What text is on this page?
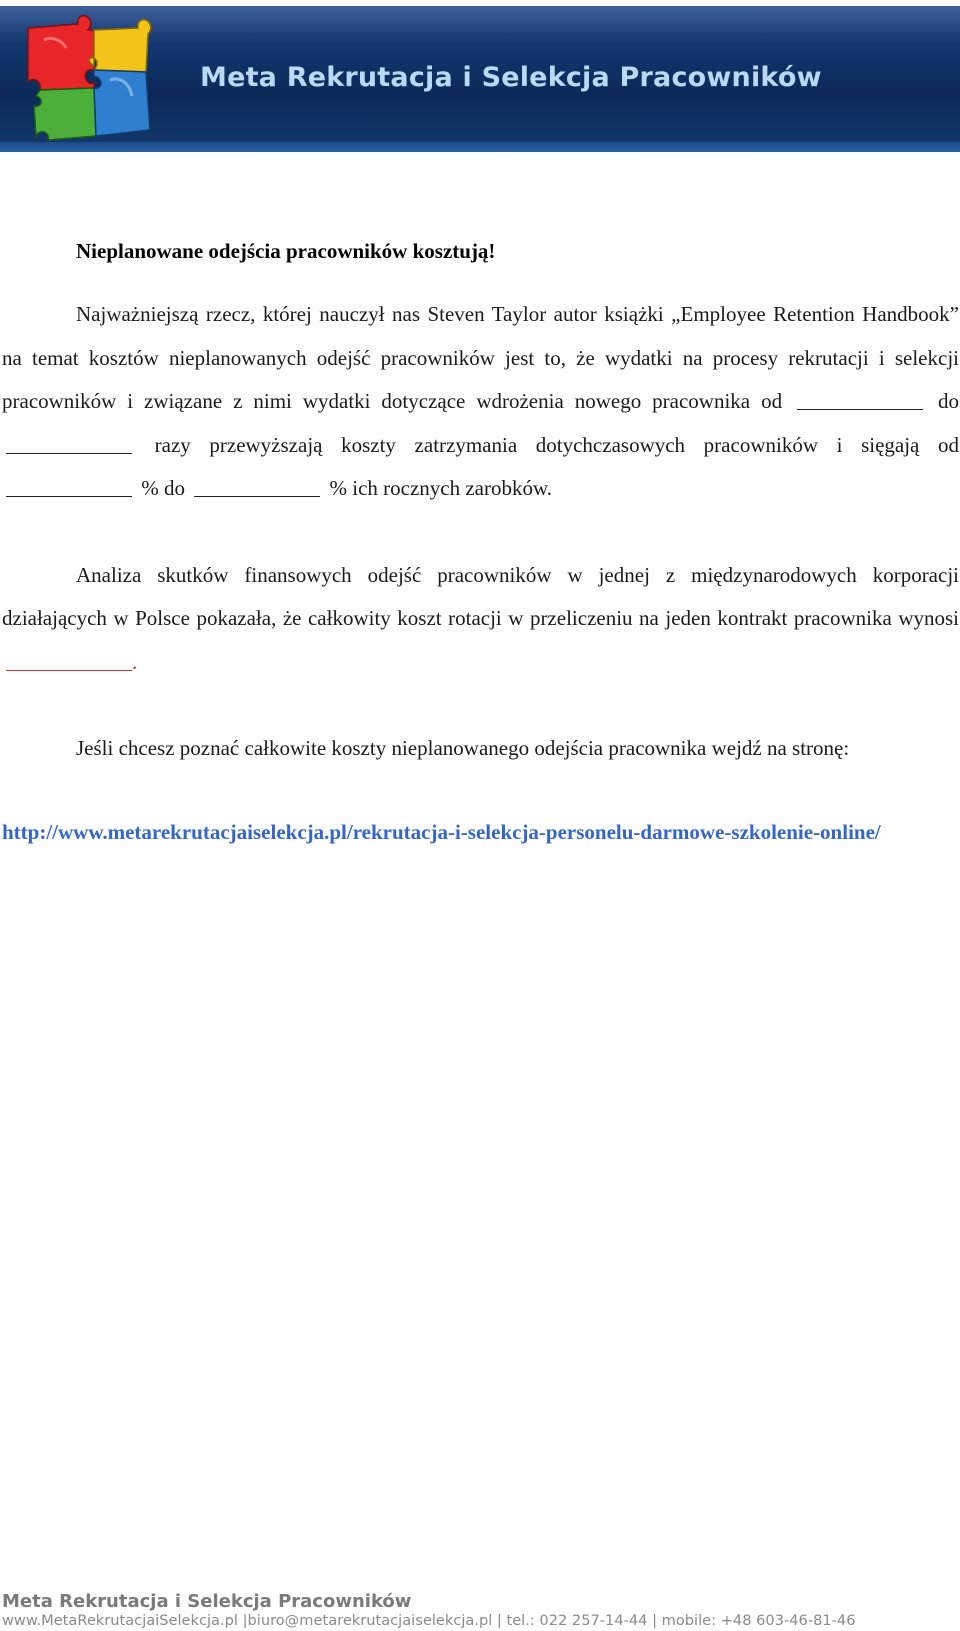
Meta Rekrutacja i Selekcja Pracowników
Nieplanowane odejścia pracowników kosztują!

Najważniejszą rzecz, której nauczył nas Steven Taylor autor książki „Employee Retention Handbook” na temat kosztów nieplanowanych odejść pracowników jest to, że wydatki na procesy rekrutacji i selekcji pracowników i związane z nimi wydatki dotyczące wdrożenia nowego pracownika od	do  razy przewyższają koszty zatrzymania dotychczasowych pracowników i sięgają od  % do	% ich rocznych zarobków.

Analiza skutków finansowych odejść pracowników w jednej z międzynarodowych korporacji działających w Polsce pokazała, że całkowity koszt rotacji w przeliczeniu na jeden kontrakt pracownika wynosi .

Jeśli chcesz poznać całkowite koszty nieplanowanego odejścia pracownika wejdź na stronę:

http://www.metarekrutacjaiselekcja.pl/rekrutacja-i-selekcja-personelu-darmowe-szkolenie-online/
Meta Rekrutacja i Selekcja Pracowników
www.MetaRekrutacjaiSelekcja.pl |biuro@metarekrutacjaiselekcja.pl | tel.: 022 257-14-44 | mobile: +48 603-46-81-46
